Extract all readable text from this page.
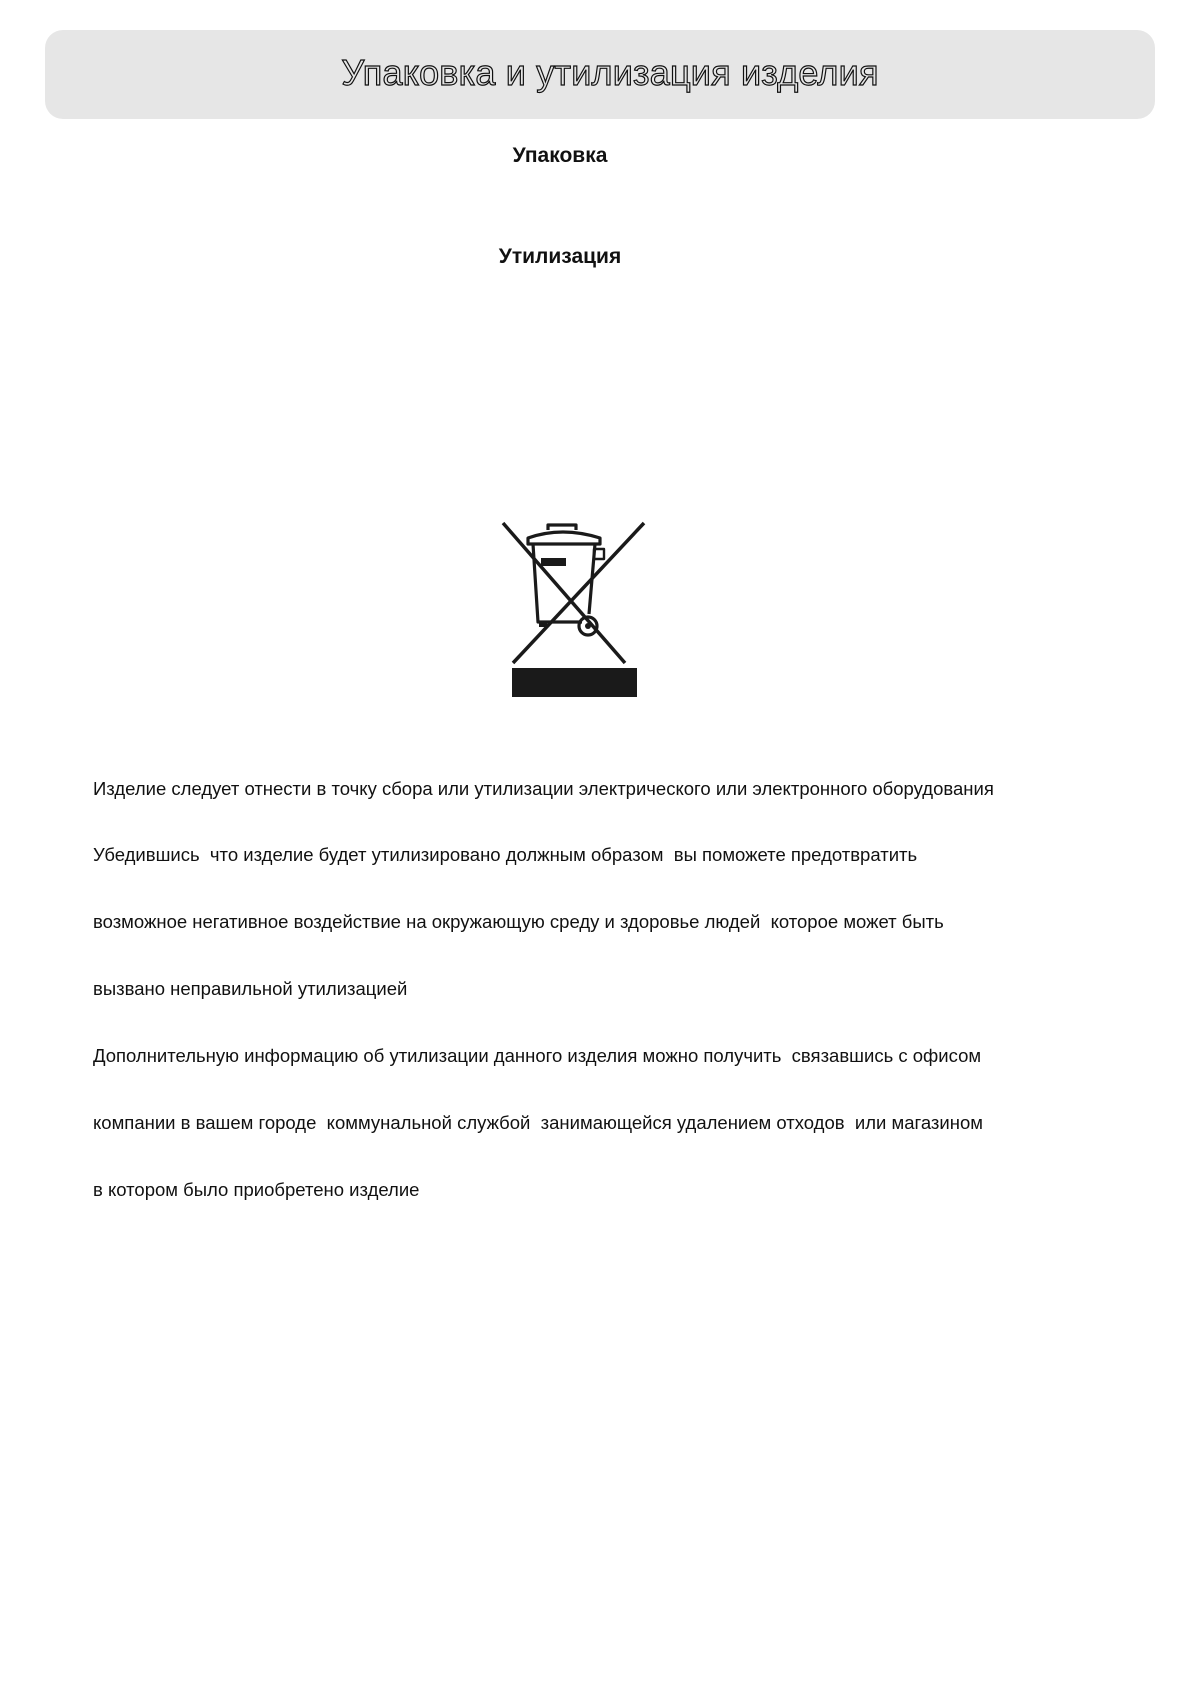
Упаковка и утилизация изделия
Упаковка
Утилизация

Изделие следует отнести в точку сбора или утилизации электрического или электронного оборудования

Убедившись  что изделие будет утилизировано должным образом  вы поможете предотвратить

возможное негативное воздействие на окружающую среду и здоровье людей  которое может быть

вызвано неправильной утилизацией

Дополнительную информацию об утилизации данного изделия можно получить  связавшись с офисом

компании в вашем городе  коммунальной службой  занимающейся удалением отходов  или магазином

в котором было приобретено изделие
